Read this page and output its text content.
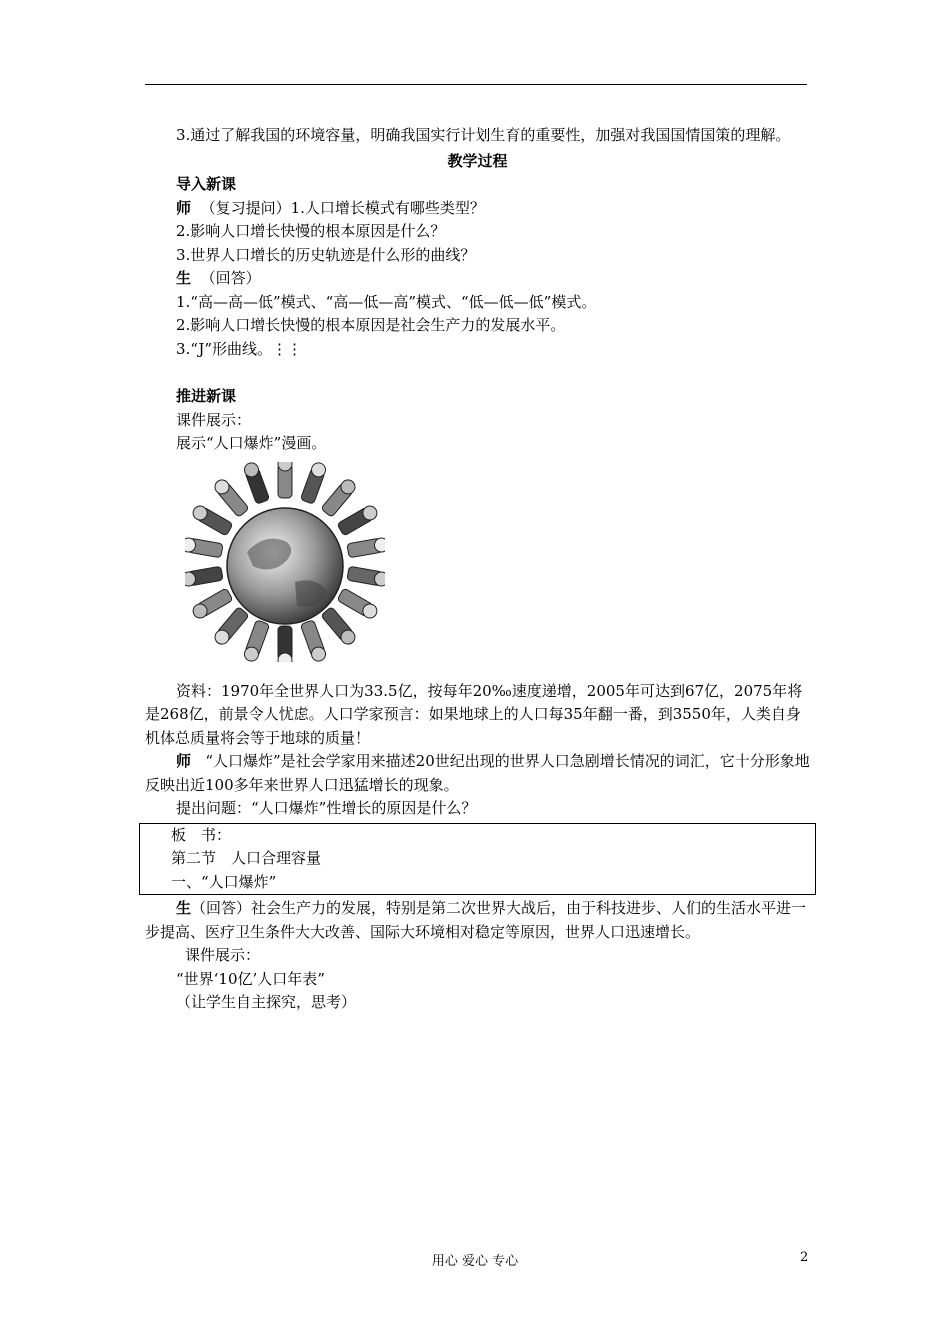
3.通过了解我国的环境容量，明确我国实行计划生育的重要性，加强对我国国情国策的理解。

教学过程

导入新课

师 （复习提问）1.人口增长模式有哪些类型？

2.影响人口增长快慢的根本原因是什么？

3.世界人口增长的历史轨迹是什么形的曲线？

生 （回答）

1.“高—高—低”模式、“高—低—高”模式、“低—低—低”模式。

2.影响人口增长快慢的根本原因是社会生产力的发展水平。

3.“J”形曲线。⋮⋮

推进新课

课件展示：

展示“人口爆炸”漫画。

资料：1970年全世界人口为33.5亿，按每年20‰速度递增，2005年可达到67亿，2075年将是268亿，前景令人忧虑。人口学家预言：如果地球上的人口每35年翻一番，到3550年，人类自身机体总质量将会等于地球的质量！

师 “人口爆炸”是社会学家用来描述20世纪出现的世界人口急剧增长情况的词汇，它十分形象地反映出近100多年来世界人口迅猛增长的现象。

提出问题：“人口爆炸”性增长的原因是什么？

板　书：

第二节　人口合理容量

一、“人口爆炸”

生（回答）社会生产力的发展，特别是第二次世界大战后，由于科技进步、人们的生活水平进一步提高、医疗卫生条件大大改善、国际大环境相对稳定等原因，世界人口迅速增长。

课件展示：

“世界‘10亿’人口年表”

（让学生自主探究，思考）

用心 爱心 专心	2
